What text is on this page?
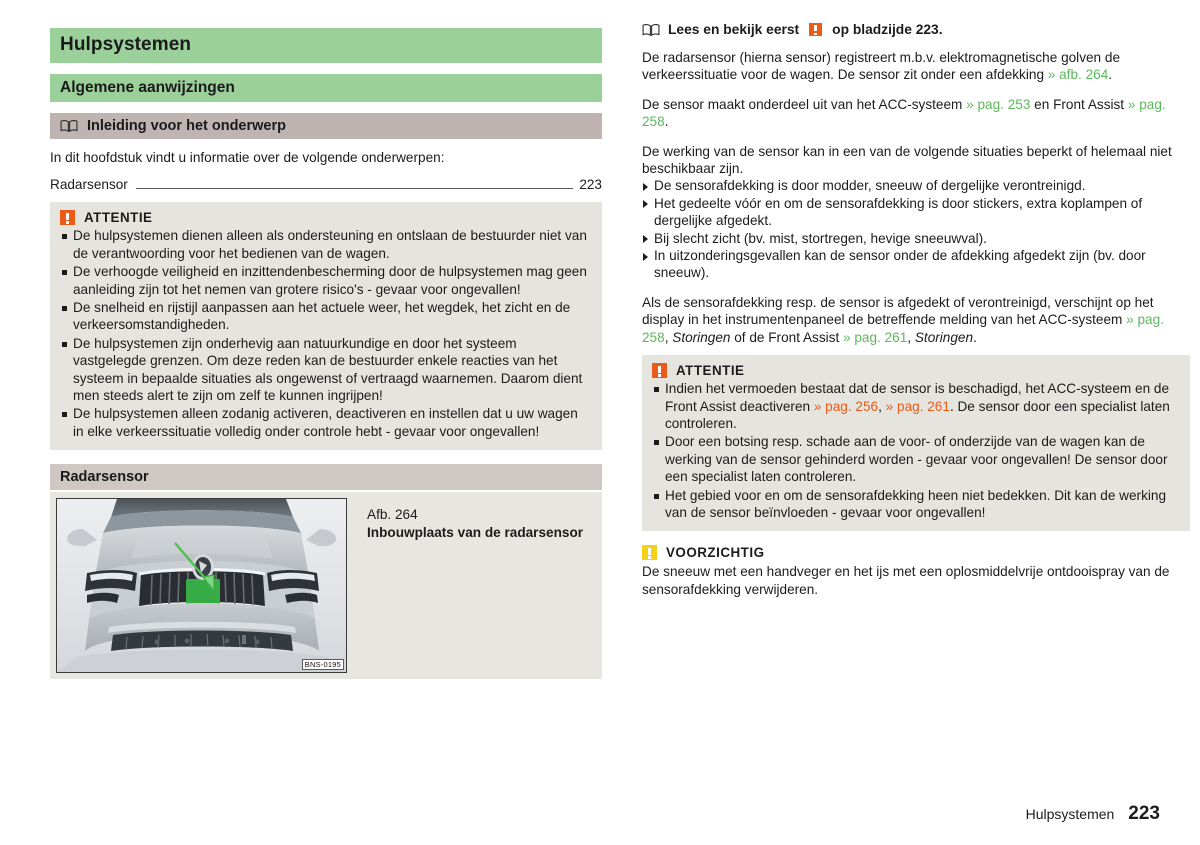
Hulpsystemen
Algemene aanwijzingen
Inleiding voor het onderwerp

In dit hoofdstuk vindt u informatie over de volgende onderwerpen:

Radarsensor	223
ATTENTIE
De hulpsystemen dienen alleen als ondersteuning en ontslaan de bestuurder niet van de verantwoording voor het bedienen van de wagen.
De verhoogde veiligheid en inzittendenbescherming door de hulpsystemen mag geen aanleiding zijn tot het nemen van grotere risico's - gevaar voor ongevallen!
De snelheid en rijstijl aanpassen aan het actuele weer, het wegdek, het zicht en de verkeersomstandigheden.
De hulpsystemen zijn onderhevig aan natuurkundige en door het systeem vastgelegde grenzen. Om deze reden kan de bestuurder enkele reacties van het systeem in bepaalde situaties als ongewenst of vertraagd waarnemen. Daarom dient men steeds alert te zijn om zelf te kunnen ingrijpen!
De hulpsystemen alleen zodanig activeren, deactiveren en instellen dat u uw wagen in elke verkeerssituatie volledig onder controle hebt - gevaar voor ongevallen!
Radarsensor
BNS-0195
Afb. 264
Inbouwplaats van de radarsensor
Lees en bekijk eerst op bladzijde 223.

De radarsensor (hierna sensor) registreert m.b.v. elektromagnetische golven de verkeerssituatie voor de wagen. De sensor zit onder een afdekking » afb. 264.

De sensor maakt onderdeel uit van het ACC-systeem » pag. 253 en Front Assist » pag. 258.

De werking van de sensor kan in een van de volgende situaties beperkt of helemaal niet beschikbaar zijn.

De sensorafdekking is door modder, sneeuw of dergelijke verontreinigd.
Het gedeelte vóór en om de sensorafdekking is door stickers, extra koplampen of dergelijke afgedekt.
Bij slecht zicht (bv. mist, stortregen, hevige sneeuwval).
In uitzonderingsgevallen kan de sensor onder de afdekking afgedekt zijn (bv. door sneeuw).

Als de sensorafdekking resp. de sensor is afgedekt of verontreinigd, verschijnt op het display in het instrumentenpaneel de betreffende melding van het ACC-systeem » pag. 258, Storingen of de Front Assist » pag. 261, Storingen.

ATTENTIE
Indien het vermoeden bestaat dat de sensor is beschadigd, het ACC-systeem en de Front Assist deactiveren » pag. 256, » pag. 261. De sensor door een specialist laten controleren.
Door een botsing resp. schade aan de voor- of onderzijde van de wagen kan de werking van de sensor gehinderd worden - gevaar voor ongevallen! De sensor door een specialist laten controleren.
Het gebied voor en om de sensorafdekking heen niet bedekken. Dit kan de werking van de sensor beïnvloeden - gevaar voor ongevallen!
VOORZICHTIG
De sneeuw met een handveger en het ijs met een oplosmiddelvrije ontdooispray van de sensorafdekking verwijderen.
Hulpsystemen 223
